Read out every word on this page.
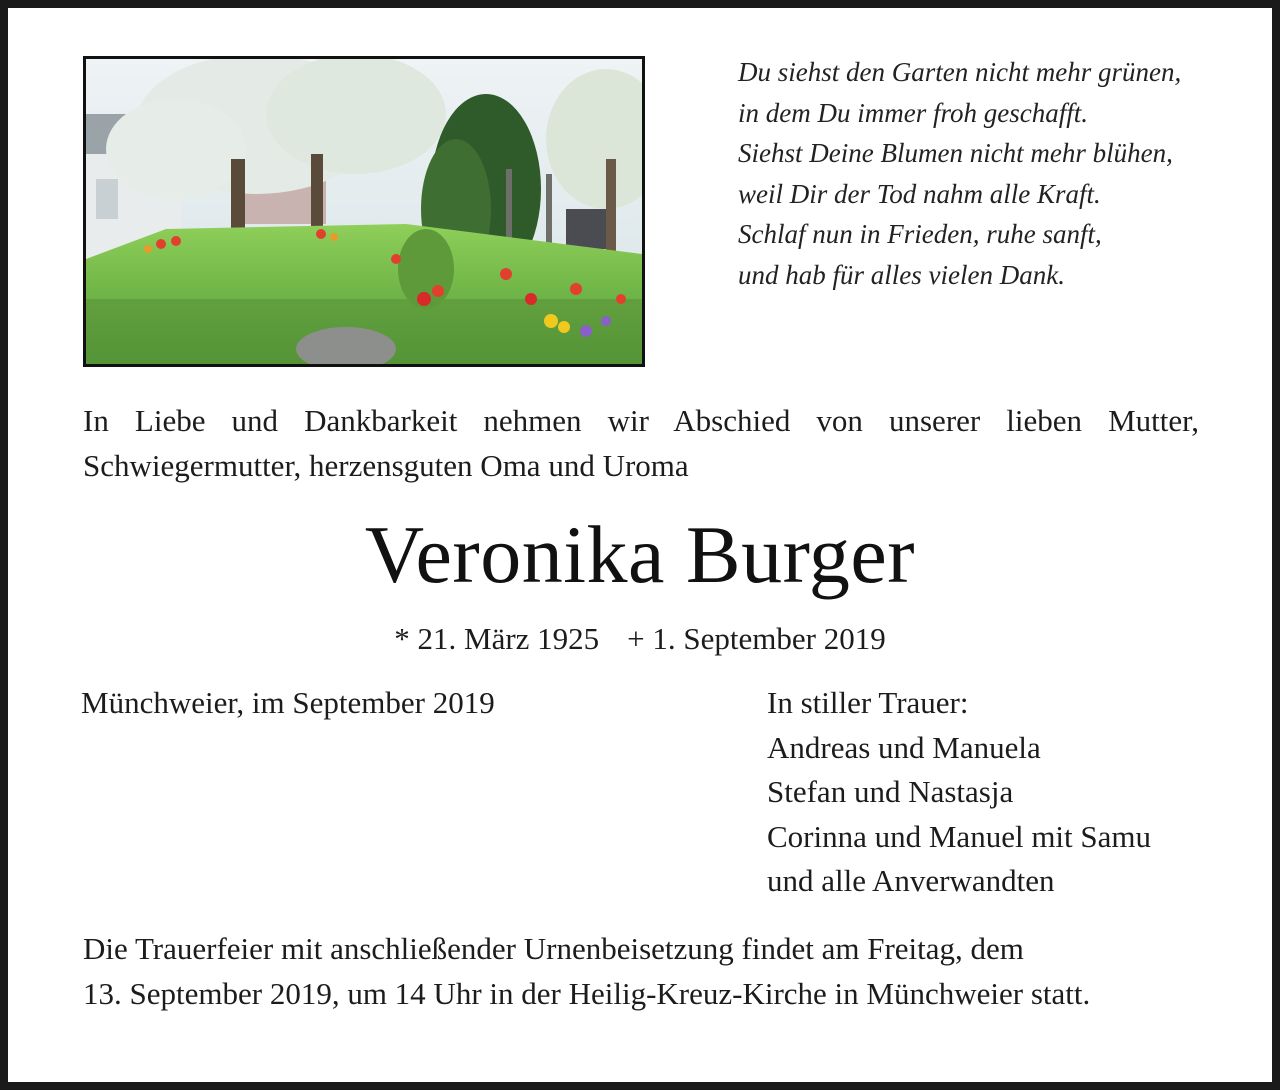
Du siehst den Garten nicht mehr grünen,
in dem Du immer froh geschafft.
Siehst Deine Blumen nicht mehr blühen,
weil Dir der Tod nahm alle Kraft.
Schlaf nun in Frieden, ruhe sanft,
und hab für alles vielen Dank.
In Liebe und Dankbarkeit nehmen wir Abschied von unserer lieben Mutter,
Schwiegermutter, herzensguten Oma und Uroma
Veronika Burger
* 21. März 1925 + 1. September 2019
Münchweier, im September 2019	In stiller Trauer:
Andreas und Manuela
Stefan und Nastasja
Corinna und Manuel mit Samu
und alle Anverwandten
Die Trauerfeier mit anschließender Urnenbeisetzung findet am Freitag, dem
13. September 2019, um 14 Uhr in der Heilig-Kreuz-Kirche in Münchweier statt.
